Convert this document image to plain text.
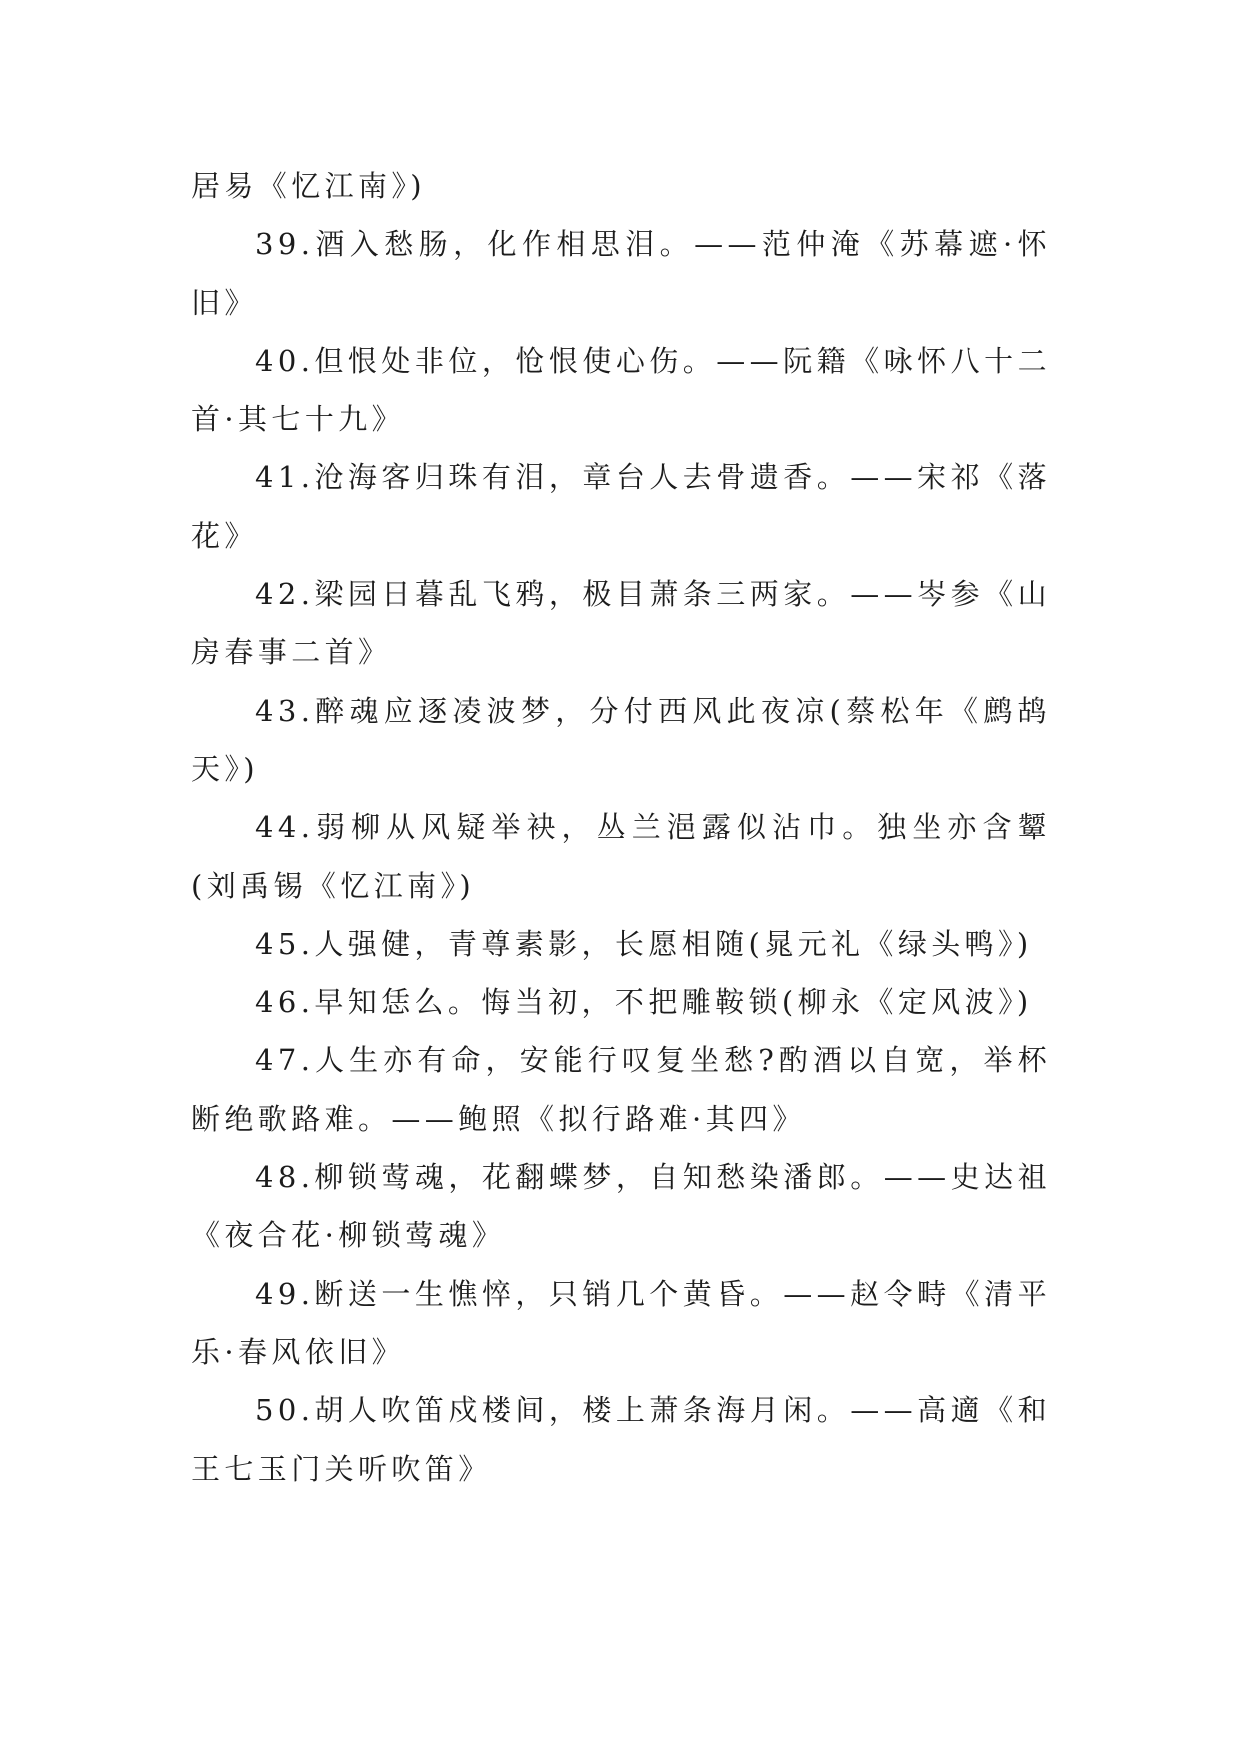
居易《忆江南》)

39.酒入愁肠，化作相思泪。——范仲淹《苏幕遮·怀旧》

40.但恨处非位，怆恨使心伤。——阮籍《咏怀八十二首·其七十九》

41.沧海客归珠有泪，章台人去骨遗香。——宋祁《落花》

42.梁园日暮乱飞鸦，极目萧条三两家。——岑参《山房春事二首》

43.醉魂应逐凌波梦，分付西风此夜凉(蔡松年《鹧鸪天》)

44.弱柳从风疑举袂，丛兰浥露似沾巾。独坐亦含颦(刘禹锡《忆江南》)

45.人强健，青尊素影，长愿相随(晁元礼《绿头鸭》)

46.早知恁么。悔当初，不把雕鞍锁(柳永《定风波》)

47.人生亦有命，安能行叹复坐愁?酌酒以自宽，举杯断绝歌路难。——鲍照《拟行路难·其四》

48.柳锁莺魂，花翻蝶梦，自知愁染潘郎。——史达祖《夜合花·柳锁莺魂》

49.断送一生憔悴，只销几个黄昏。——赵令畤《清平乐·春风依旧》

50.胡人吹笛戍楼间，楼上萧条海月闲。——高適《和王七玉门关听吹笛》
